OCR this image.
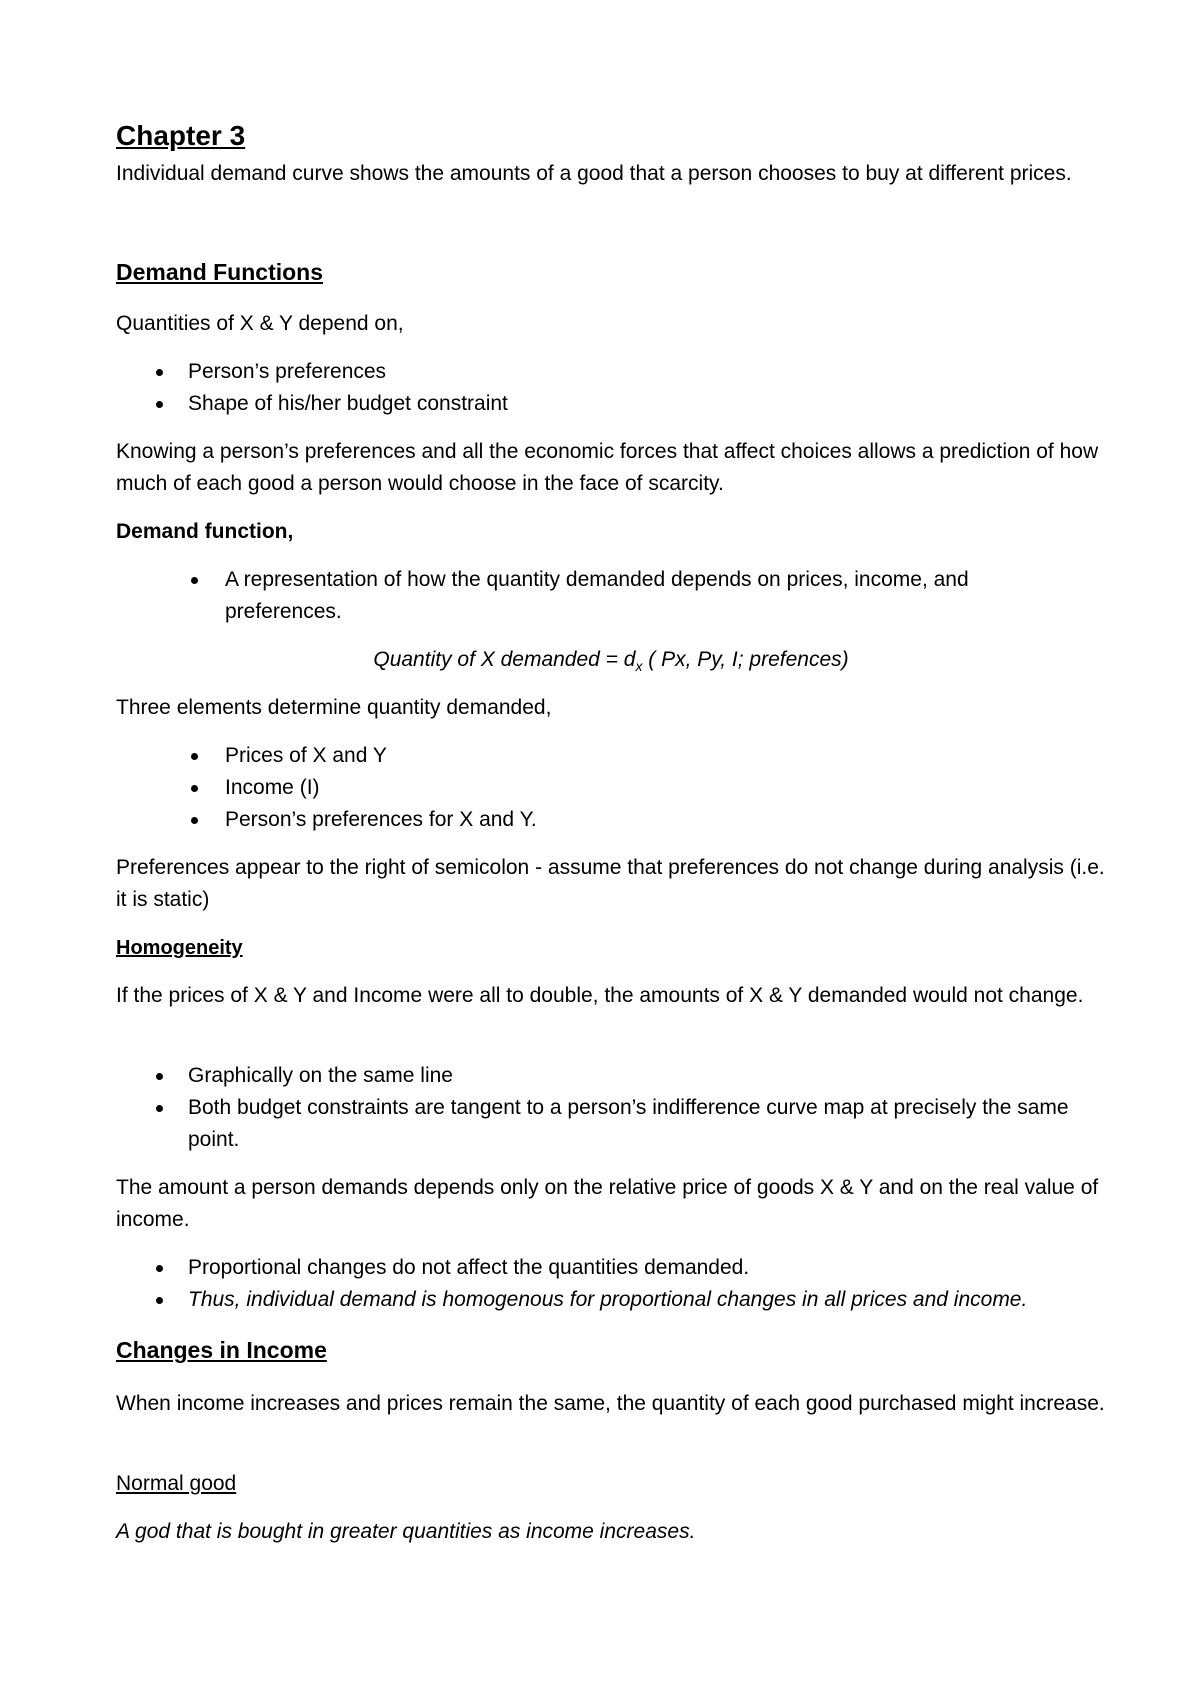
Chapter 3

Individual demand curve shows the amounts of a good that a person chooses to buy at different prices.

Demand Functions

Quantities of X & Y depend on,

Person’s preferences

Shape of his/her budget constraint

Knowing a person’s preferences and all the economic forces that affect choices allows a prediction of how much of each good a person would choose in the face of scarcity.

Demand function,

A representation of how the quantity demanded depends on prices, income, and preferences.

Quantity of X demanded = $d_x$ ( Px, Py, I; prefences)

Three elements determine quantity demanded,

Prices of X and Y

Income (I)

Person’s preferences for X and Y.

Preferences appear to the right of semicolon - assume that preferences do not change during analysis (i.e. it is static)

Homogeneity

If the prices of X & Y and Income were all to double, the amounts of X & Y demanded would not change.

Graphically on the same line

Both budget constraints are tangent to a person’s indifference curve map at precisely the same point.

The amount a person demands depends only on the relative price of goods X & Y and on the real value of income.

Proportional changes do not affect the quantities demanded.

Thus, individual demand is homogenous for proportional changes in all prices and income.

Changes in Income

When income increases and prices remain the same, the quantity of each good purchased might increase.

Normal good

A god that is bought in greater quantities as income increases.
